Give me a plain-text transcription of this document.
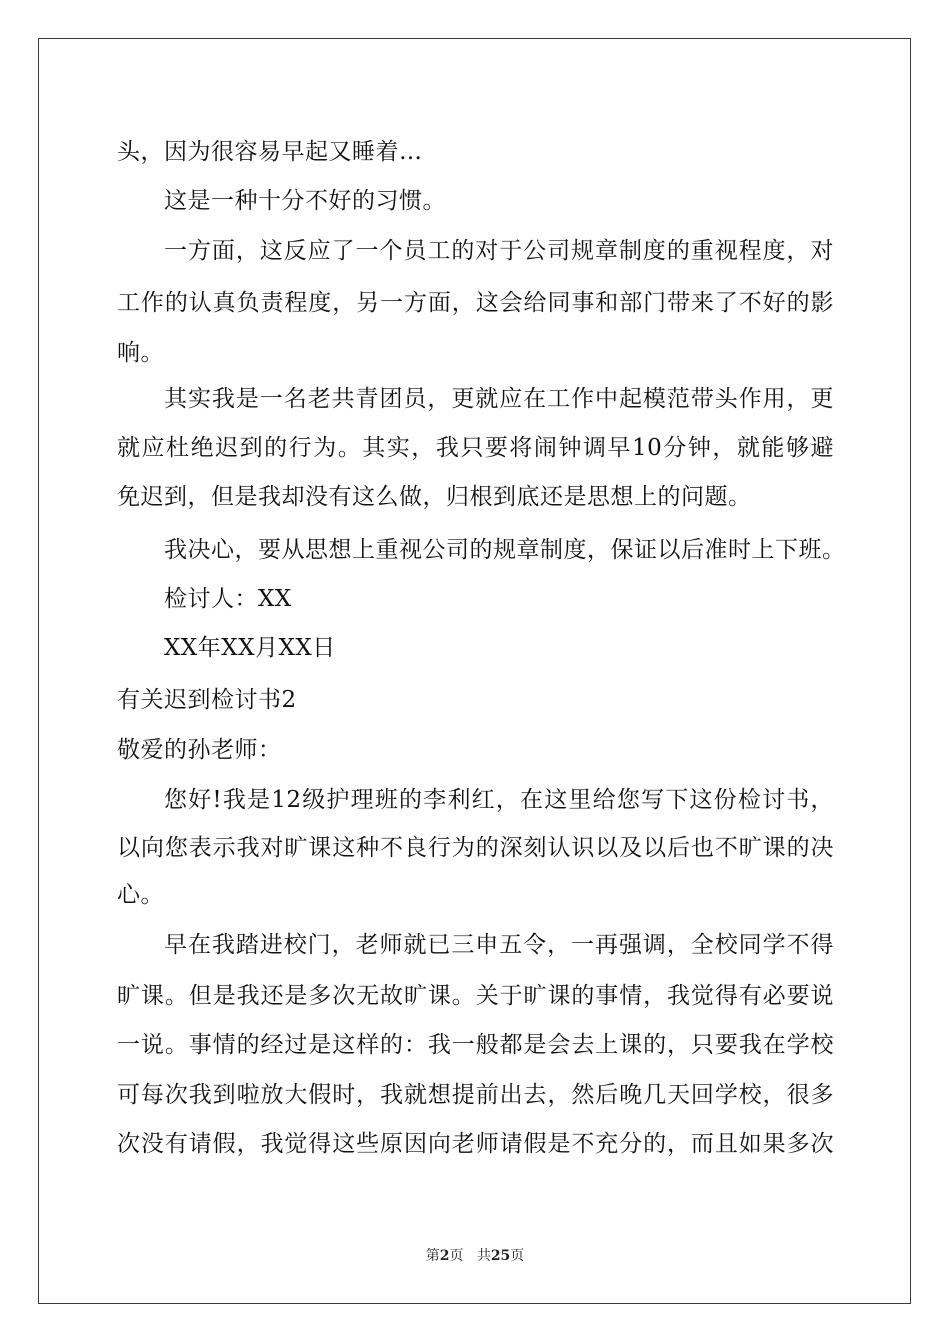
头，因为很容易早起又睡着…
这是一种十分不好的习惯。
一方面，这反应了一个员工的对于公司规章制度的重视程度，对
工作的认真负责程度，另一方面，这会给同事和部门带来了不好的影
响。
其实我是一名老共青团员，更就应在工作中起模范带头作用，更
就应杜绝迟到的行为。其实，我只要将闹钟调早10分钟，就能够避
免迟到，但是我却没有这么做，归根到底还是思想上的问题。
我决心，要从思想上重视公司的规章制度，保证以后准时上下班。
检讨人：XX
XX年XX月XX日
有关迟到检讨书2
敬爱的孙老师：
您好!我是12级护理班的李利红，在这里给您写下这份检讨书，
以向您表示我对旷课这种不良行为的深刻认识以及以后也不旷课的决
心。
早在我踏进校门，老师就已三申五令，一再强调，全校同学不得
旷课。但是我还是多次无故旷课。关于旷课的事情，我觉得有必要说
一说。事情的经过是这样的：我一般都是会去上课的，只要我在学校
可每次我到啦放大假时，我就想提前出去，然后晚几天回学校，很多
次没有请假，我觉得这些原因向老师请假是不充分的，而且如果多次
第2页 共25页
